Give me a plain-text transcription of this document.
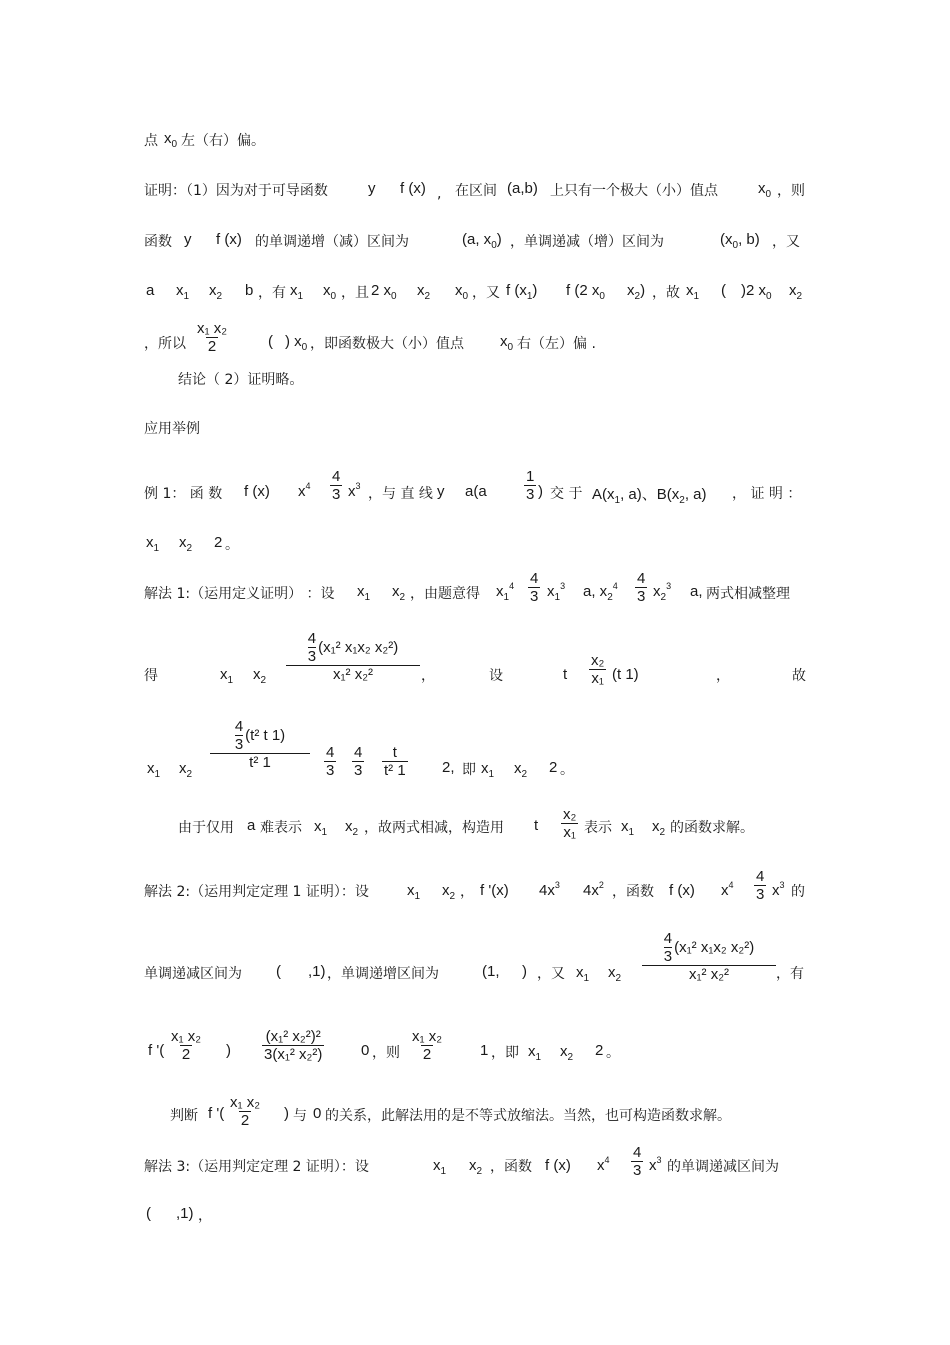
点 $x_0$ 左（右）偏。
证明：（1）因为对于可导函数	y f (x) , 在区间 (a,b) 上只有一个极大（小）值点	$x_0$ ，则
函数 y f (x) 的单调递增（减）区间为	(a, $x_0$) ，单调递减（增）区间为	($x_0$, b) ，又
a $x_1$ $x_2$ b ，有 $x_1$ $x_0$ ，且 2 $x_0$ $x_2$ $x_0$ ，又 f $(x_1)$ f (2 $x_0$ $x_2$) ，故 $x_1$ ( )2 $x_0$ $x_2$
，所以 $\frac{\text{x₁ x₂}}{2}$	( ) $x_0$ ，即函数极大（小）值点 $x_0$ 右（左）偏 .
结论（ 2）证明略。
应用举例
例 1： 函 数 f (x) $x^4 \frac{4}{3} x^3$ ，与 直 线 y $a(a \frac{1}{3}$ ) 交 于 $A(x_1$, a)、$B(x_2$, a) ， 证 明 ：
$x_1$ $x_2$ 2 。
解法 1:（运用定义证明） ：设 $x_1$ $x_2$ ，由题意得 $x_1^4 \frac{4}{3} x_1^3$ a, $x_2^4 \frac{4}{3} x_2^3$ a, 两式相减整理
得	$x_1$ $x_2 \frac{\frac{4}{3} (x_1^2 x_1x_2 x_2^2)}{\text{x₁² x₂²}}$ ，	设	t $\frac{\text{x₂}}{\text{x₁}} (t$ 1)	，	故
$x_1$ $x_2$
$\frac{\frac{4}{3} (t^2 t 1)}{\text{t² 1}} \frac{4}{3} \frac{4}{3} \frac{t}{\text{t² 1}} 2$, 即 $x_1$ $x_2$ 2 。
由于仅用 a 难表示 $x_1$ $x_2$ ，故两式相减，构造用 t $\frac{\text{x₂}}{\text{x₁}}$ 表示 $x_1$ $x_2$ 的函数求解。
解法 2:（运用判定定理 1 证明）：设	$x_1$ $x_2$ ， f '(x) $4x^3$ $4x^2$ ，函数 f (x) $x^4 \frac{4}{3} x^3$ 的
单调递减区间为 ( ,1) ，单调递增区间为	(1, ) ，又 $x_1$ $x_2 \frac{\frac{4}{3} (x_1^2 x_1x_2 x_2^2)}{\text{x₁² x₂²}}$ ，有
f '( $\frac{\text{x₁ x₂}}{2}$ ) $\frac{\text{(x₁² x₂²)²}}{\text{3(x₁² x₂²)}} 0$ ，则 $\frac{\text{x₁ x₂}}{2} 1$ ，即 $x_1$ $x_2$ 2 。
判断 f '( $\frac{\text{x₁ x₂}}{2}$ ) 与 0 的关系，此解法用的是不等式放缩法。当然，也可构造函数求解。
解法 3:（运用判定定理 2 证明）：设	$x_1$ $x_2$ ，函数 f (x) $x^4 \frac{4}{3} x^3$ 的单调递减区间为
( ,1) ，
